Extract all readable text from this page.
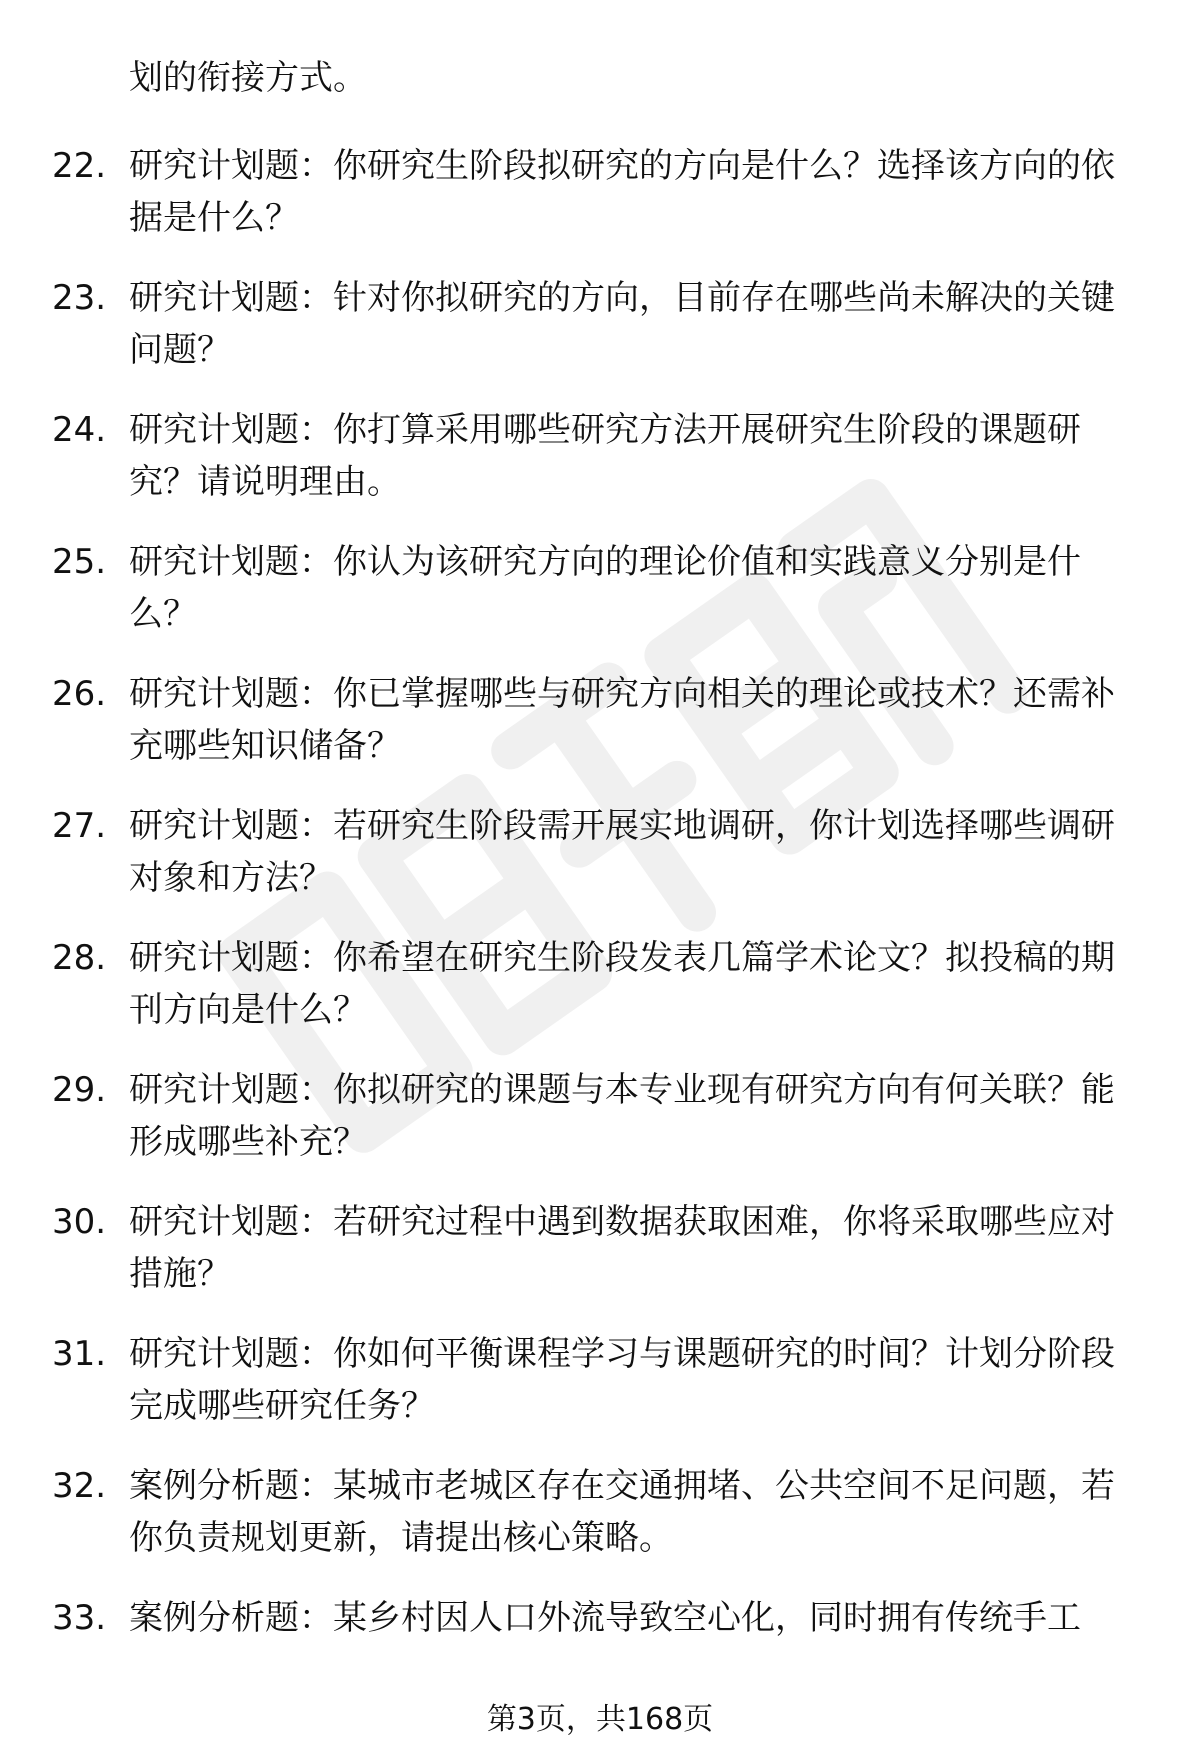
划的衔接方式。
22. 研究计划题：你研究生阶段拟研究的方向是什么？选择该方向的依据是什么？
23. 研究计划题：针对你拟研究的方向，目前存在哪些尚未解决的关键问题？
24. 研究计划题：你打算采用哪些研究方法开展研究生阶段的课题研究？请说明理由。
25. 研究计划题：你认为该研究方向的理论价值和实践意义分别是什么？
26. 研究计划题：你已掌握哪些与研究方向相关的理论或技术？还需补充哪些知识储备？
27. 研究计划题：若研究生阶段需开展实地调研，你计划选择哪些调研对象和方法？
28. 研究计划题：你希望在研究生阶段发表几篇学术论文？拟投稿的期刊方向是什么？
29. 研究计划题：你拟研究的课题与本专业现有研究方向有何关联？能形成哪些补充？
30. 研究计划题：若研究过程中遇到数据获取困难，你将采取哪些应对措施？
31. 研究计划题：你如何平衡课程学习与课题研究的时间？计划分阶段完成哪些研究任务？
32. 案例分析题：某城市老城区存在交通拥堵、公共空间不足问题，若你负责规划更新，请提出核心策略。
33. 案例分析题：某乡村因人口外流导致空心化，同时拥有传统手工
第3页，共168页
